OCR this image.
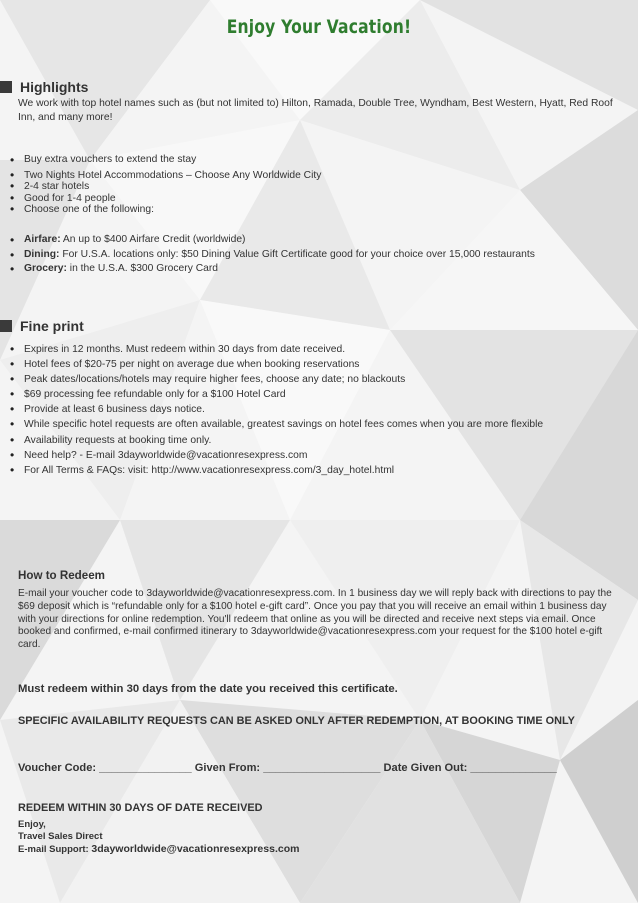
Enjoy Your Vacation!
Highlights
We work with top hotel names such as (but not limited to) Hilton, Ramada, Double Tree, Wyndham, Best Western, Hyatt, Red Roof Inn, and many more!
• Buy extra vouchers to extend the stay
• Two Nights Hotel Accommodations – Choose Any Worldwide City
• 2-4 star hotels
• Good for 1-4 people
• Choose one of the following:
• Airfare: An up to $400 Airfare Credit (worldwide)
• Dining: For U.S.A. locations only: $50 Dining Value Gift Certificate good for your choice over 15,000 restaurants
• Grocery: in the U.S.A. $300 Grocery Card
Fine print
• Expires in 12 months. Must redeem within 30 days from date received.
• Hotel fees of $20-75 per night on average due when booking reservations
• Peak dates/locations/hotels may require higher fees, choose any date; no blackouts
• $69 processing fee refundable only for a $100 Hotel Card
• Provide at least 6 business days notice.
• While specific hotel requests are often available, greatest savings on hotel fees comes when you are more flexible
• Availability requests at booking time only.
• Need help? - E-mail 3dayworldwide@vacationresexpress.com
• For All Terms & FAQs: visit: http://www.vacationresexpress.com/3_day_hotel.html
How to Redeem
E-mail your voucher code to 3dayworldwide@vacationresexpress.com. In 1 business day we will reply back with directions to pay the $69 deposit which is “refundable only for a $100 hotel e-gift card”. Once you pay that you will receive an email within 1 business day with your directions for online redemption. You'll redeem that online as you will be directed and receive next steps via email. Once booked and confirmed, e-mail confirmed itinerary to 3dayworldwide@vacationresexpress.com your request for the $100 hotel e-gift card.
Must redeem within 30 days from the date you received this certificate.
SPECIFIC AVAILABILITY REQUESTS CAN BE ASKED ONLY AFTER REDEMPTION, AT BOOKING TIME ONLY
Voucher Code: _______________ Given From: ___________________ Date Given Out: ______________
REDEEM WITHIN 30 DAYS OF DATE RECEIVED
Enjoy,
Travel Sales Direct
E-mail Support: 3dayworldwide@vacationresexpress.com
